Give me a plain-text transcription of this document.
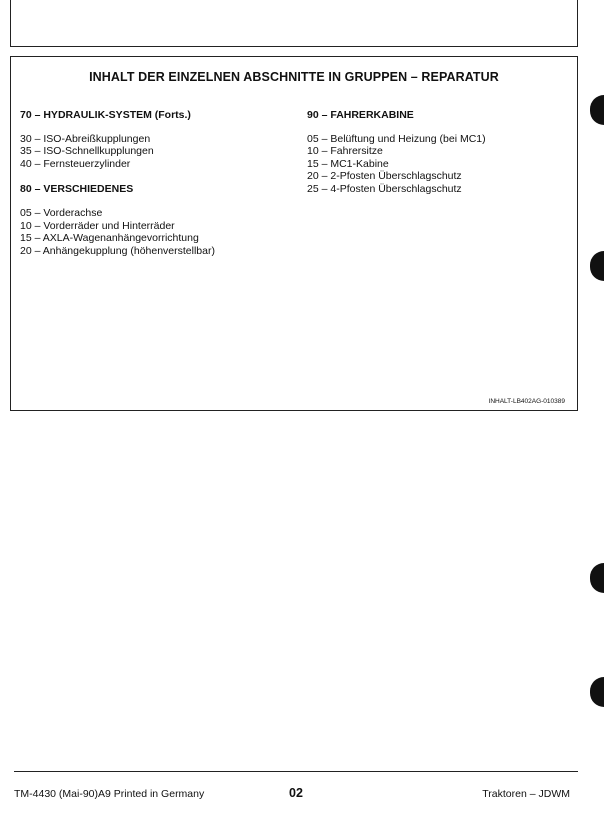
INHALT DER EINZELNEN ABSCHNITTE IN GRUPPEN – REPARATUR
70 – HYDRAULIK-SYSTEM (Forts.)
30 – ISO-Abreißkupplungen
35 – ISO-Schnellkupplungen
40 – Fernsteuerzylinder
80 – VERSCHIEDENES
05 – Vorderachse
10 – Vorderräder und Hinterräder
15 – AXLA-Wagenanhängevorrichtung
20 – Anhängekupplung (höhenverstellbar)
90 – FAHRERKABINE
05 – Belüftung und Heizung (bei MC1)
10 – Fahrersitze
15 – MC1-Kabine
20 – 2-Pfosten Überschlagschutz
25 – 4-Pfosten Überschlagschutz
INHALT-LB402AG-010389
TM-4430 (Mai-90)A9 Printed in Germany	02	Traktoren – JDWM
